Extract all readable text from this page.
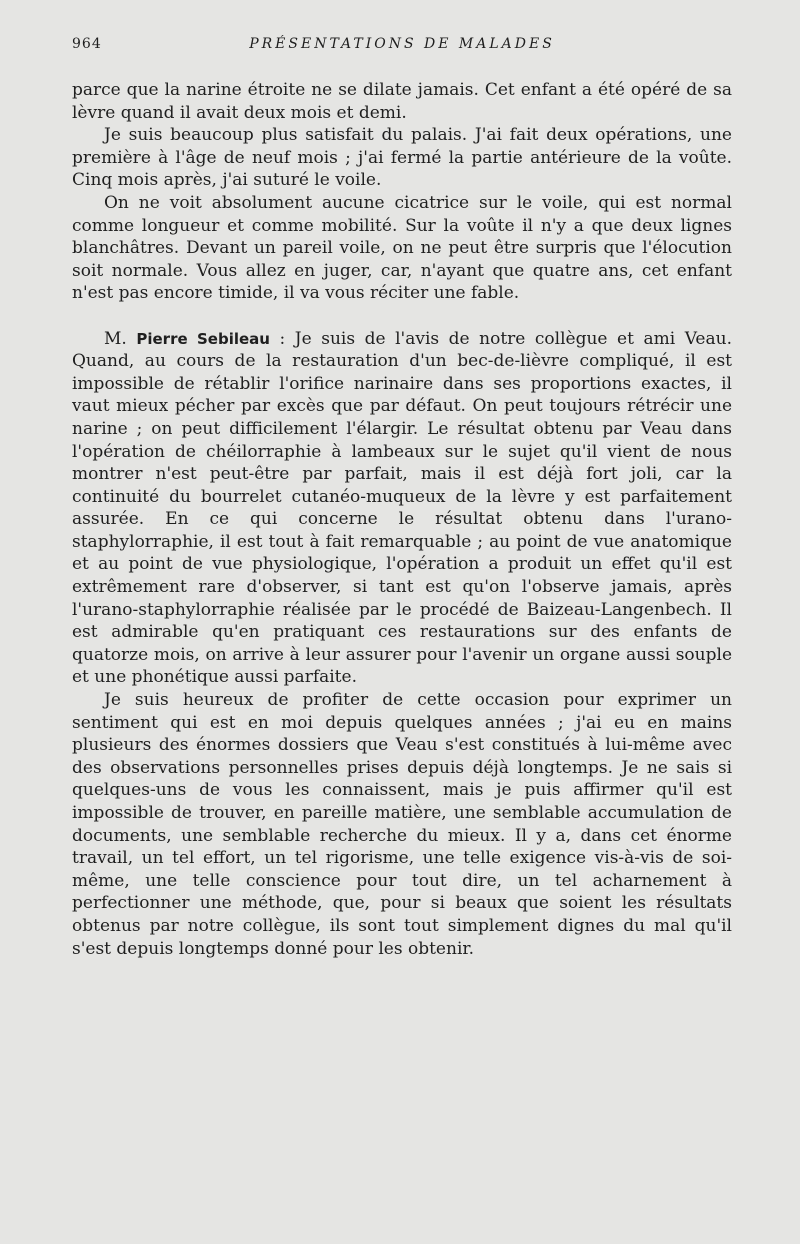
964	PRÉSENTATIONS DE MALADES

parce que la narine étroite ne se dilate jamais. Cet enfant a été opéré de sa lèvre quand il avait deux mois et demi.

Je suis beaucoup plus satisfait du palais. J'ai fait deux opérations, une première à l'âge de neuf mois ; j'ai fermé la partie antérieure de la voûte. Cinq mois après, j'ai suturé le voile.

On ne voit absolument aucune cicatrice sur le voile, qui est normal comme longueur et comme mobilité. Sur la voûte il n'y a que deux lignes blanchâtres. Devant un pareil voile, on ne peut être surpris que l'élocution soit normale. Vous allez en juger, car, n'ayant que quatre ans, cet enfant n'est pas encore timide, il va vous réciter une fable.

M. Pierre Sebileau : Je suis de l'avis de notre collègue et ami Veau. Quand, au cours de la restauration d'un bec-de-lièvre compliqué, il est impossible de rétablir l'orifice narinaire dans ses proportions exactes, il vaut mieux pécher par excès que par défaut. On peut toujours rétrécir une narine ; on peut difficilement l'élargir. Le résultat obtenu par Veau dans l'opération de chéilorraphie à lambeaux sur le sujet qu'il vient de nous montrer n'est peut-être par parfait, mais il est déjà fort joli, car la continuité du bourrelet cutanéo-muqueux de la lèvre y est parfaitement assurée. En ce qui concerne le résultat obtenu dans l'urano-staphylorraphie, il est tout à fait remarquable ; au point de vue anatomique et au point de vue physiologique, l'opération a produit un effet qu'il est extrêmement rare d'observer, si tant est qu'on l'observe jamais, après l'urano-staphylorraphie réalisée par le procédé de Baizeau-Langenbech. Il est admirable qu'en pratiquant ces restaurations sur des enfants de quatorze mois, on arrive à leur assurer pour l'avenir un organe aussi souple et une phonétique aussi parfaite.

Je suis heureux de profiter de cette occasion pour exprimer un sentiment qui est en moi depuis quelques années ; j'ai eu en mains plusieurs des énormes dossiers que Veau s'est constitués à lui-même avec des observations personnelles prises depuis déjà longtemps. Je ne sais si quelques-uns de vous les connaissent, mais je puis affirmer qu'il est impossible de trouver, en pareille matière, une semblable accumulation de documents, une semblable recherche du mieux. Il y a, dans cet énorme travail, un tel effort, un tel rigorisme, une telle exigence vis-à-vis de soi-même, une telle conscience pour tout dire, un tel acharnement à perfectionner une méthode, que, pour si beaux que soient les résultats obtenus par notre collègue, ils sont tout simplement dignes du mal qu'il s'est depuis longtemps donné pour les obtenir.
